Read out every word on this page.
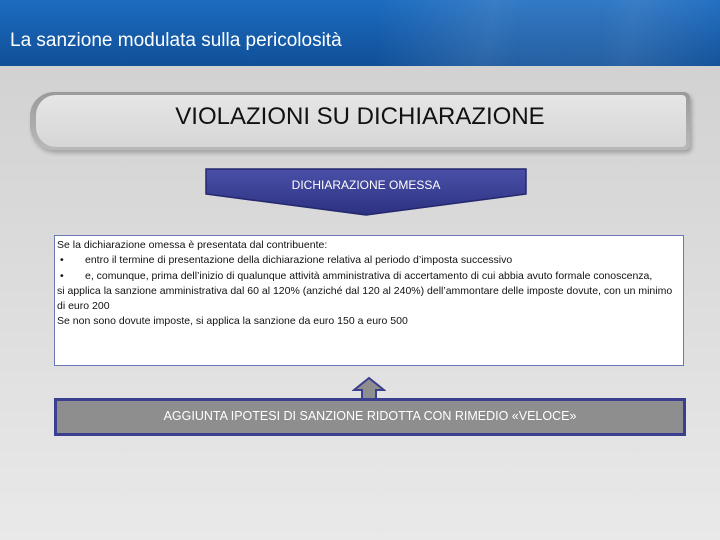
La sanzione modulata sulla pericolosità
VIOLAZIONI SU DICHIARAZIONE
DICHIARAZIONE OMESSA

Se la dichiarazione omessa è presentata dal contribuente:

• entro il termine di presentazione della dichiarazione relativa al periodo d’imposta successivo

• e, comunque, prima dell’inizio di qualunque attività amministrativa di accertamento di cui abbia avuto formale conoscenza,

si applica la sanzione amministrativa dal 60 al 120% (anziché dal 120 al 240%) dell’ammontare delle imposte dovute, con un minimo di euro 200

Se non sono dovute imposte, si applica la sanzione da euro 150 a euro 500

AGGIUNTA IPOTESI DI SANZIONE RIDOTTA CON RIMEDIO «VELOCE»
